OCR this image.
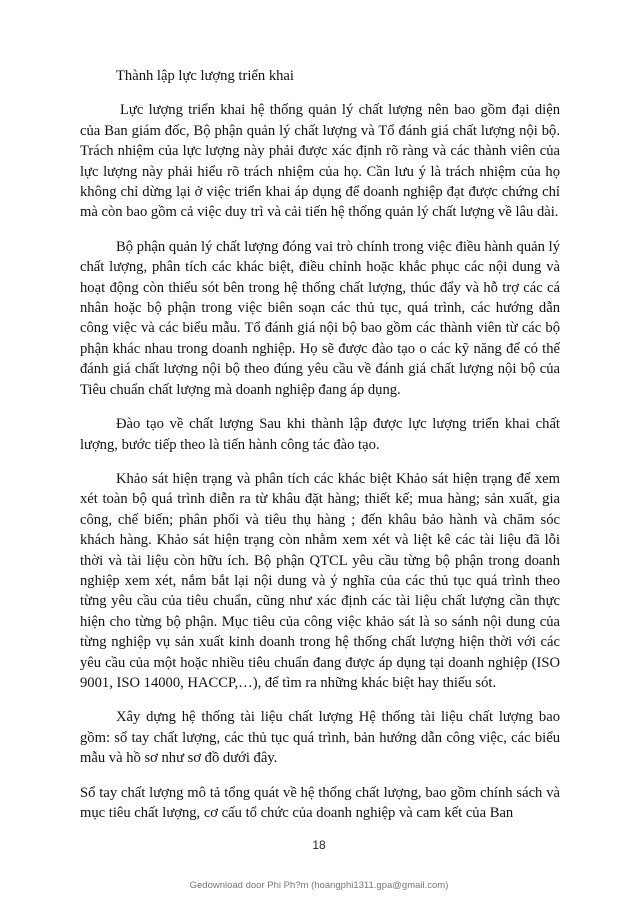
Thành lập lực lượng triển khai

Lực lượng triển khai hệ thống quản lý chất lượng nên bao gồm đại diện của Ban giám đốc, Bộ phận quản lý chất lượng và Tổ đánh giá chất lượng nội bộ. Trách nhiệm của lực lượng này phải được xác định rõ ràng và các thành viên của lực lượng này phải hiểu rõ trách nhiệm của họ. Cần lưu ý là trách nhiệm của họ không chỉ dừng lại ở việc triển khai áp dụng để doanh nghiệp đạt được chứng chỉ mà còn bao gồm cả việc duy trì và cải tiến hệ thống quản lý chất lượng về lâu dài.

Bộ phận quản lý chất lượng đóng vai trò chính trong việc điều hành quản lý chất lượng, phân tích các khác biệt, điều chỉnh hoặc khắc phục các nội dung và hoạt động còn thiếu sót bên trong hệ thống chất lượng, thúc đẩy và hỗ trợ các cá nhân hoặc bộ phận trong việc biên soạn các thủ tục, quá trình, các hướng dẫn công việc và các biểu mẫu. Tổ đánh giá nội bộ bao gồm các thành viên từ các bộ phận khác nhau trong doanh nghiệp. Họ sẽ được đào tạo o các kỹ năng để có thể đánh giá chất lượng nội bộ theo đúng yêu cầu về đánh giá chất lượng nội bộ của Tiêu chuẩn chất lượng mà doanh nghiệp đang áp dụng.

Đào tạo về chất lượng Sau khi thành lập được lực lượng triển khai chất lượng, bước tiếp theo là tiến hành công tác đào tạo.

Khảo sát hiện trạng và phân tích các khác biệt Khảo sát hiện trạng để xem xét toàn bộ quá trình diễn ra từ khâu đặt hàng; thiết kế; mua hàng; sản xuất, gia công, chế biến; phân phối và tiêu thụ hàng ; đến khâu bảo hành và chăm sóc khách hàng. Khảo sát hiện trạng còn nhằm xem xét và liệt kê các tài liệu đã lỗi thời và tài liệu còn hữu ích. Bộ phận QTCL yêu cầu từng bộ phận trong doanh nghiệp xem xét, nắm bắt lại nội dung và ý nghĩa của các thủ tục quá trình theo từng yêu cầu của tiêu chuẩn, cũng như xác định các tài liệu chất lượng cần thực hiện cho từng bộ phận. Mục tiêu của công việc khảo sát là so sánh nội dung của từng nghiệp vụ sản xuất kinh doanh trong hệ thống chất lượng hiện thời với các yêu cầu của một hoặc nhiều tiêu chuẩn đang được áp dụng tại doanh nghiệp (ISO 9001, ISO 14000, HACCP,…), để tìm ra những khác biệt hay thiếu sót.

Xây dựng hệ thống tài liệu chất lượng Hệ thống tài liệu chất lượng bao gồm: sổ tay chất lượng, các thủ tục quá trình, bản hướng dẫn công việc, các biểu mẫu và hồ sơ như sơ đồ dưới đây.

Sổ tay chất lượng mô tả tổng quát về hệ thống chất lượng, bao gồm chính sách và mục tiêu chất lượng, cơ cấu tổ chức của doanh nghiệp và cam kết của Ban

18
Gedownload door Phi Ph?m (hoangphi1311.gpa@gmail.com)
